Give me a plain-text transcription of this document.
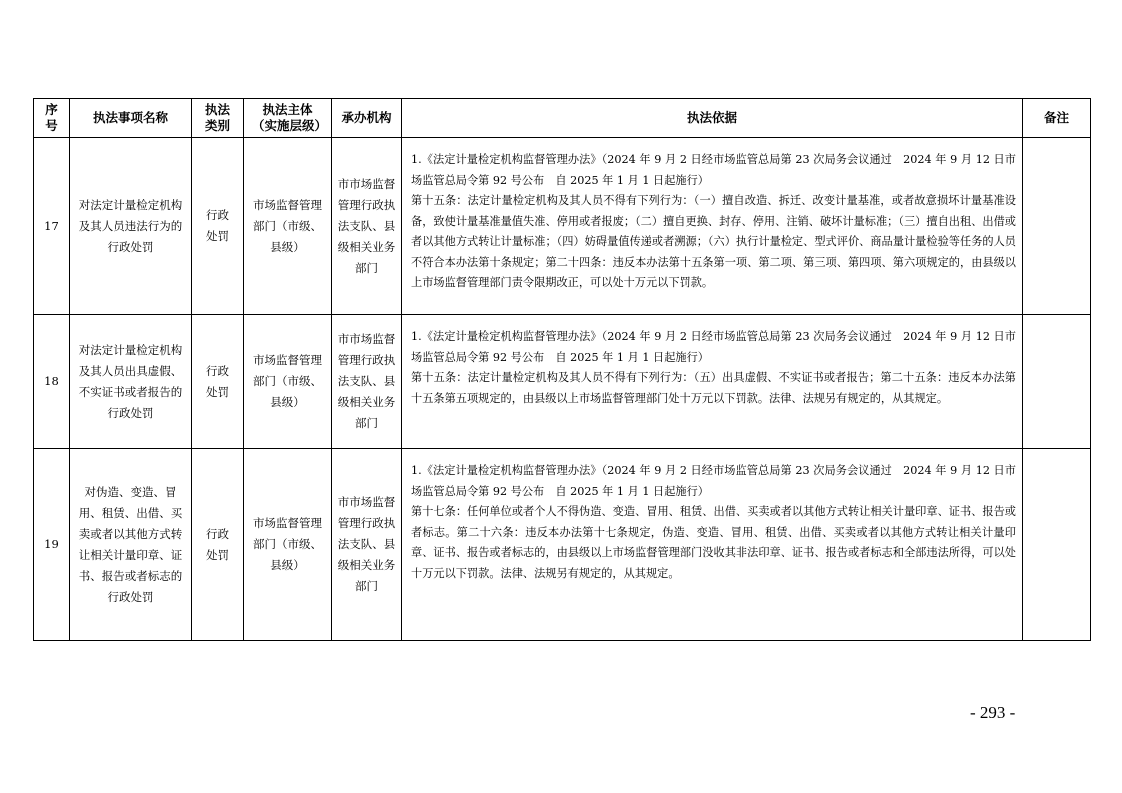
序号	执法事项名称	执法类别	执法主体（实施层级）	承办机构	执法依据	备注
17	对法定计量检定机构及其人员违法行为的行政处罚	行政处罚	市场监督管理部门（市级、县级）	市市场监督管理行政执法支队、县级相关业务部门	1.《法定计量检定机构监督管理办法》（2024 年 9 月 2 日经市场监管总局第 23 次局务会议通过　2024 年 9 月 12 日市场监管总局令第 92 号公布　自 2025 年 1 月 1 日起施行）
第十五条：法定计量检定机构及其人员不得有下列行为：（一）擅自改造、拆迁、改变计量基准，或者故意损坏计量基准设备，致使计量基准量值失准、停用或者报废；（二）擅自更换、封存、停用、注销、破坏计量标准；（三）擅自出租、出借或者以其他方式转让计量标准；（四）妨碍量值传递或者溯源；（六）执行计量检定、型式评价、商品量计量检验等任务的人员不符合本办法第十条规定；第二十四条：违反本办法第十五条第一项、第二项、第三项、第四项、第六项规定的，由县级以上市场监督管理部门责令限期改正，可以处十万元以下罚款。	

18	对法定计量检定机构及其人员出具虚假、不实证书或者报告的行政处罚	行政处罚	市场监督管理部门（市级、县级）	市市场监督管理行政执法支队、县级相关业务部门	1.《法定计量检定机构监督管理办法》（2024 年 9 月 2 日经市场监管总局第 23 次局务会议通过　2024 年 9 月 12 日市场监管总局令第 92 号公布　自 2025 年 1 月 1 日起施行）
第十五条：法定计量检定机构及其人员不得有下列行为：（五）出具虚假、不实证书或者报告；第二十五条：违反本办法第十五条第五项规定的，由县级以上市场监督管理部门处十万元以下罚款。法律、法规另有规定的，从其规定。	

19	对伪造、变造、冒用、租赁、出借、买卖或者以其他方式转让相关计量印章、证书、报告或者标志的行政处罚	行政处罚	市场监督管理部门（市级、县级）	市市场监督管理行政执法支队、县级相关业务部门	1.《法定计量检定机构监督管理办法》（2024 年 9 月 2 日经市场监管总局第 23 次局务会议通过　2024 年 9 月 12 日市场监管总局令第 92 号公布　自 2025 年 1 月 1 日起施行）
第十七条：任何单位或者个人不得伪造、变造、冒用、租赁、出借、买卖或者以其他方式转让相关计量印章、证书、报告或者标志。第二十六条：违反本办法第十七条规定，伪造、变造、冒用、租赁、出借、买卖或者以其他方式转让相关计量印章、证书、报告或者标志的，由县级以上市场监督管理部门没收其非法印章、证书、报告或者标志和全部违法所得，可以处十万元以下罚款。法律、法规另有规定的，从其规定。	

- 293 -
